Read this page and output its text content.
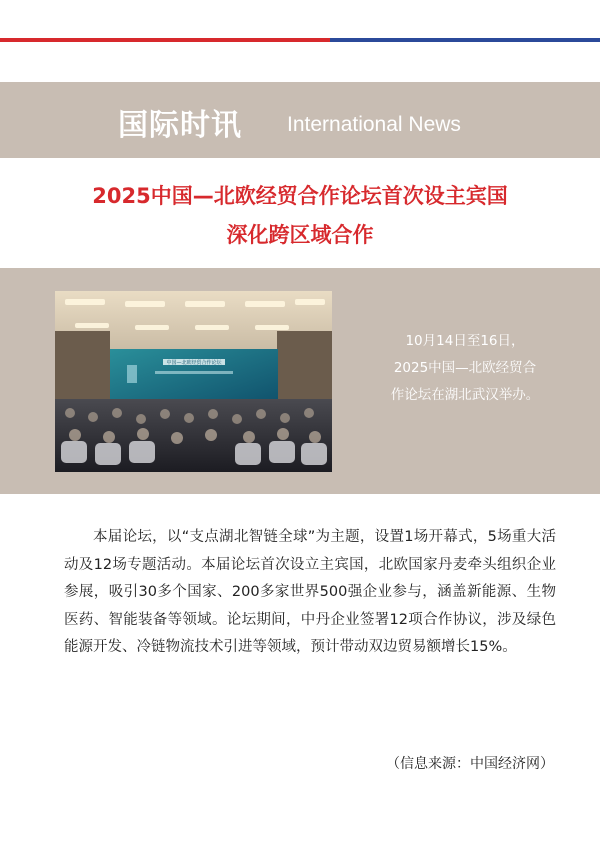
国际时讯 International News
2025中国—北欧经贸合作论坛首次设主宾国
深化跨区域合作
中国—北欧经贸合作论坛
10月14日至16日，
2025中国—北欧经贸合
作论坛在湖北武汉举办。

本届论坛，以“支点湖北智链全球”为主题，设置1场开幕式，5场重大活动及12场专题活动。本届论坛首次设立主宾国，北欧国家丹麦牵头组织企业参展，吸引30多个国家、200多家世界500强企业参与，涵盖新能源、生物医药、智能装备等领域。论坛期间，中丹企业签署12项合作协议，涉及绿色能源开发、冷链物流技术引进等领域，预计带动双边贸易额增长15%。

（信息来源：中国经济网）
